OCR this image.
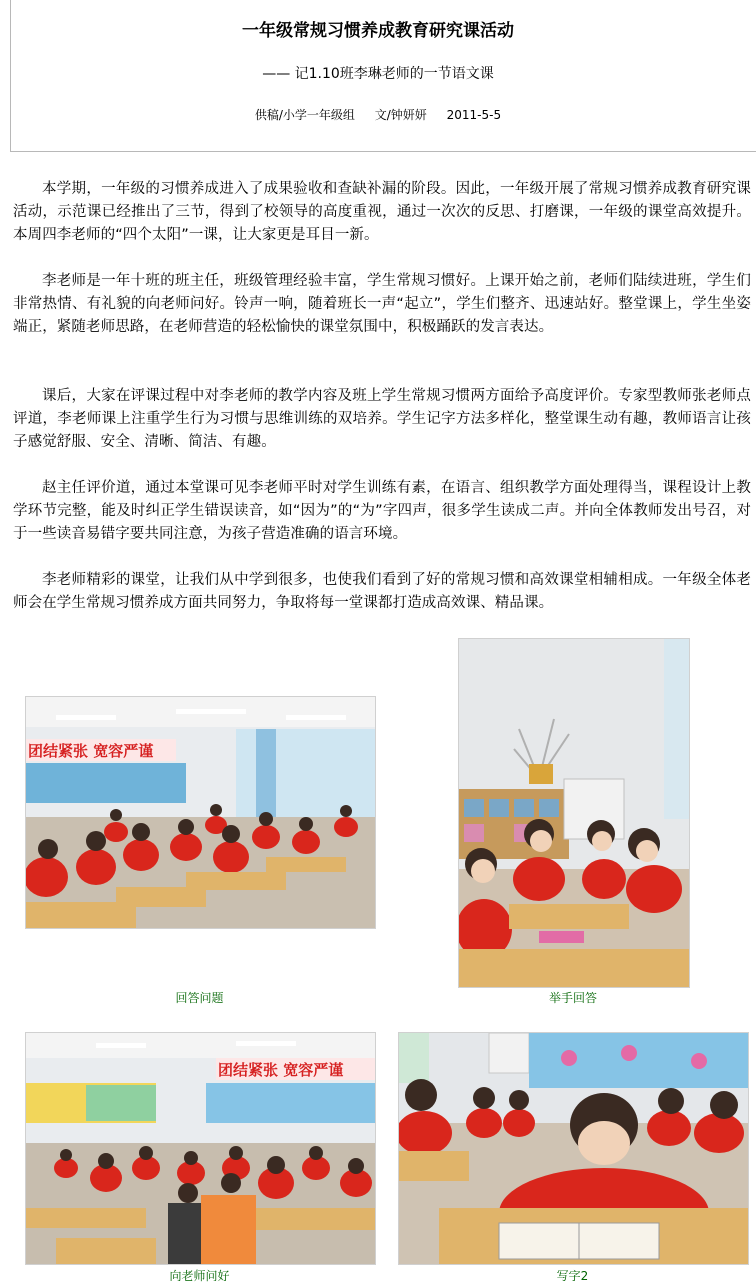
一年级常规习惯养成教育研究课活动
—— 记1.10班李琳老师的一节语文课
供稿/小学一年级组 文/钟妍妍 2011-5-5

本学期，一年级的习惯养成进入了成果验收和查缺补漏的阶段。因此，一年级开展了常规习惯养成教育研究课活动，示范课已经推出了三节，得到了校领导的高度重视，通过一次次的反思、打磨课，一年级的课堂高效提升。本周四李老师的“四个太阳”一课，让大家更是耳目一新。

李老师是一年十班的班主任，班级管理经验丰富，学生常规习惯好。上课开始之前，老师们陆续进班，学生们非常热情、有礼貌的向老师问好。铃声一响，随着班长一声“起立”，学生们整齐、迅速站好。整堂课上，学生坐姿端正，紧随老师思路，在老师营造的轻松愉快的课堂氛围中，积极踊跃的发言表达。

课后，大家在评课过程中对李老师的教学内容及班上学生常规习惯两方面给予高度评价。专家型教师张老师点评道，李老师课上注重学生行为习惯与思维训练的双培养。学生记字方法多样化，整堂课生动有趣，教师语言让孩子感觉舒服、安全、清晰、简洁、有趣。

赵主任评价道，通过本堂课可见李老师平时对学生训练有素，在语言、组织教学方面处理得当，课程设计上教学环节完整，能及时纠正学生错误读音，如“因为”的“为”字四声，很多学生读成二声。并向全体教师发出号召，对于一些读音易错字要共同注意，为孩子营造准确的语言环境。

李老师精彩的课堂，让我们从中学到很多，也使我们看到了好的常规习惯和高效课堂相辅相成。一年级全体老师会在学生常规习惯养成方面共同努力，争取将每一堂课都打造成高效课、精品课。

团结紧张 宽容严谨
回答问题	举手回答
团结紧张 宽容严谨
向老师问好	写字2
